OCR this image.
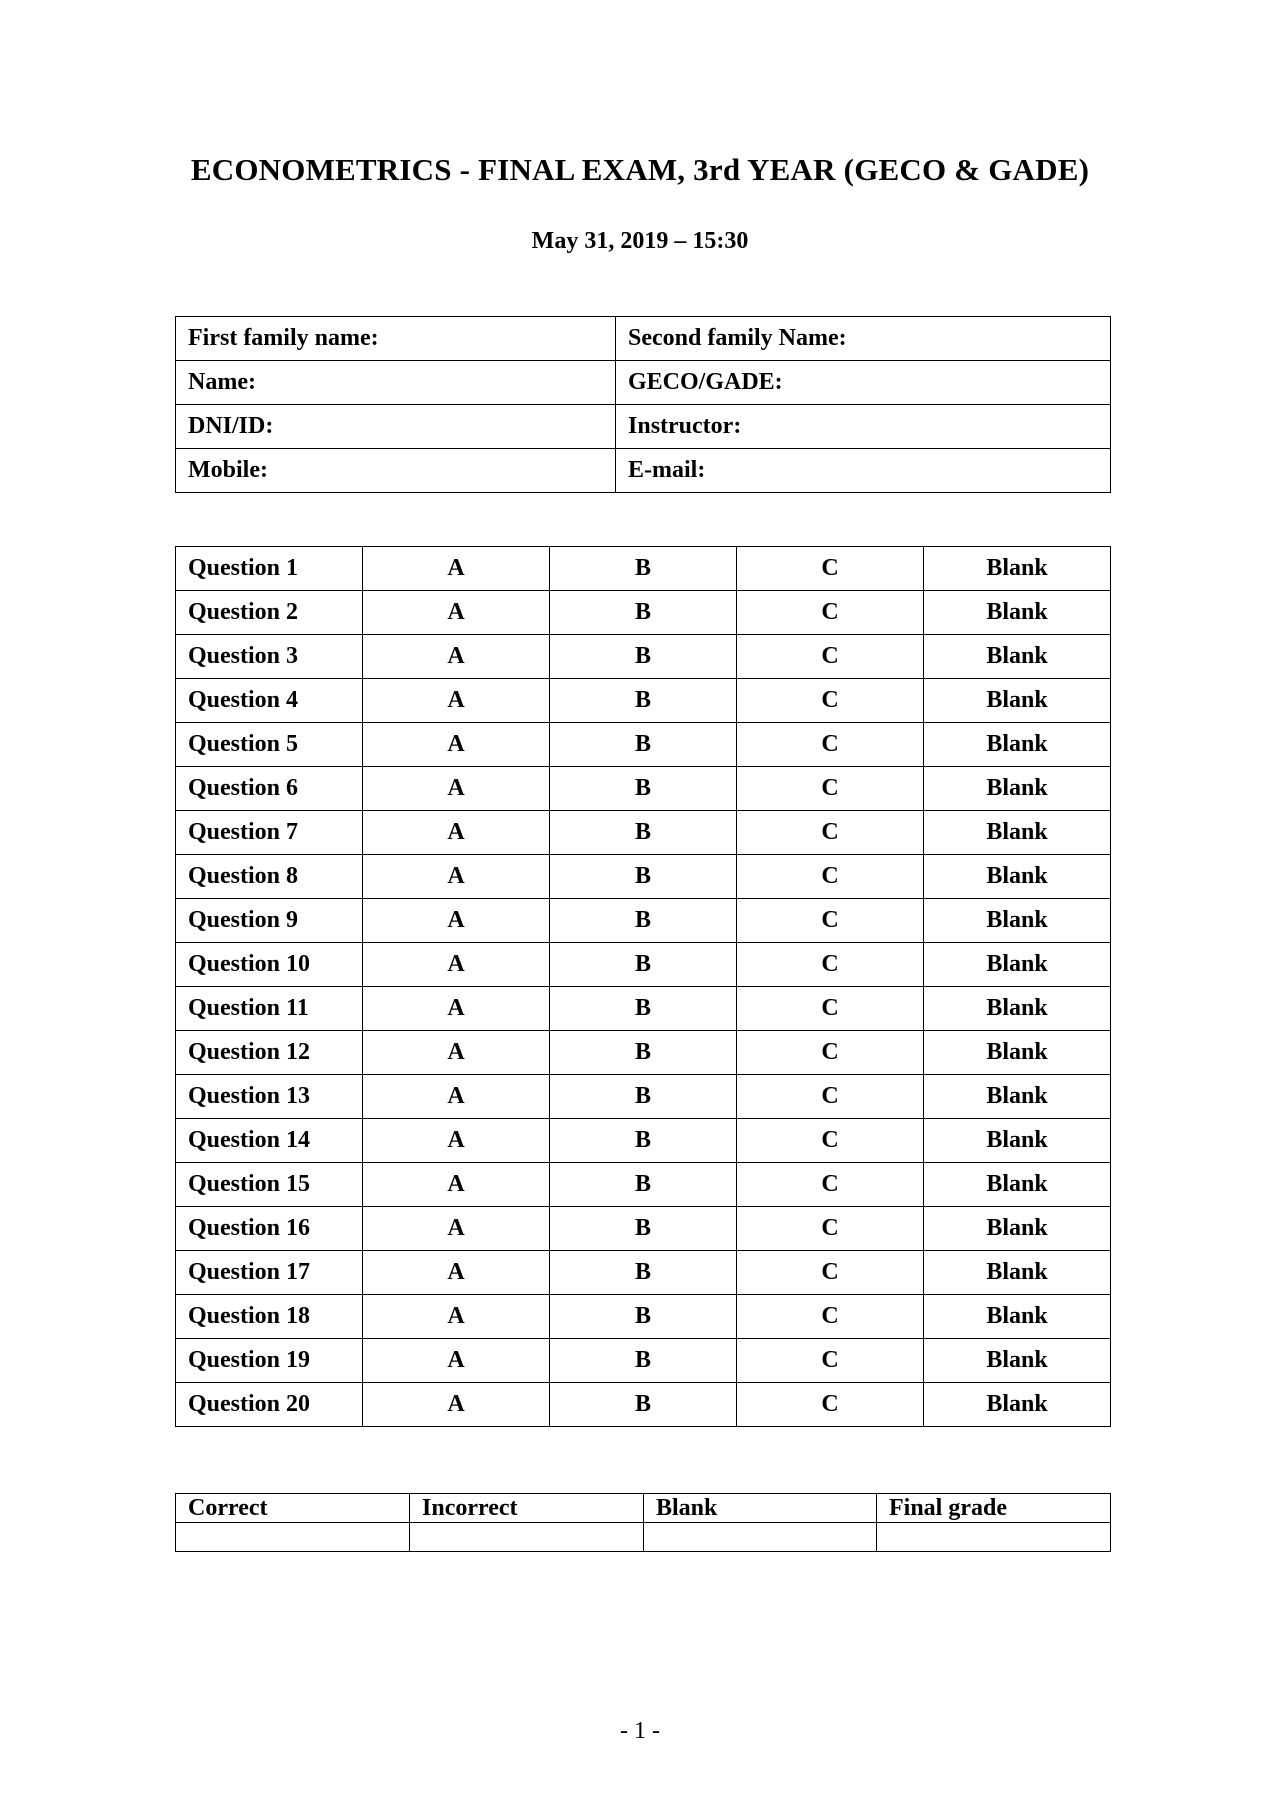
ECONOMETRICS - FINAL EXAM, 3rd YEAR (GECO & GADE)
May 31, 2019 – 15:30
First family name:	Second family Name:
Name:	GECO/GADE:
DNI/ID:	Instructor:
Mobile:	E-mail:
Question 1	A	B	C	Blank
Question 2	A	B	C	Blank
Question 3	A	B	C	Blank
Question 4	A	B	C	Blank
Question 5	A	B	C	Blank
Question 6	A	B	C	Blank
Question 7	A	B	C	Blank
Question 8	A	B	C	Blank
Question 9	A	B	C	Blank
Question 10	A	B	C	Blank
Question 11	A	B	C	Blank
Question 12	A	B	C	Blank
Question 13	A	B	C	Blank
Question 14	A	B	C	Blank
Question 15	A	B	C	Blank
Question 16	A	B	C	Blank
Question 17	A	B	C	Blank
Question 18	A	B	C	Blank
Question 19	A	B	C	Blank
Question 20	A	B	C	Blank
Correct	Incorrect	Blank	Final grade

- 1 -
